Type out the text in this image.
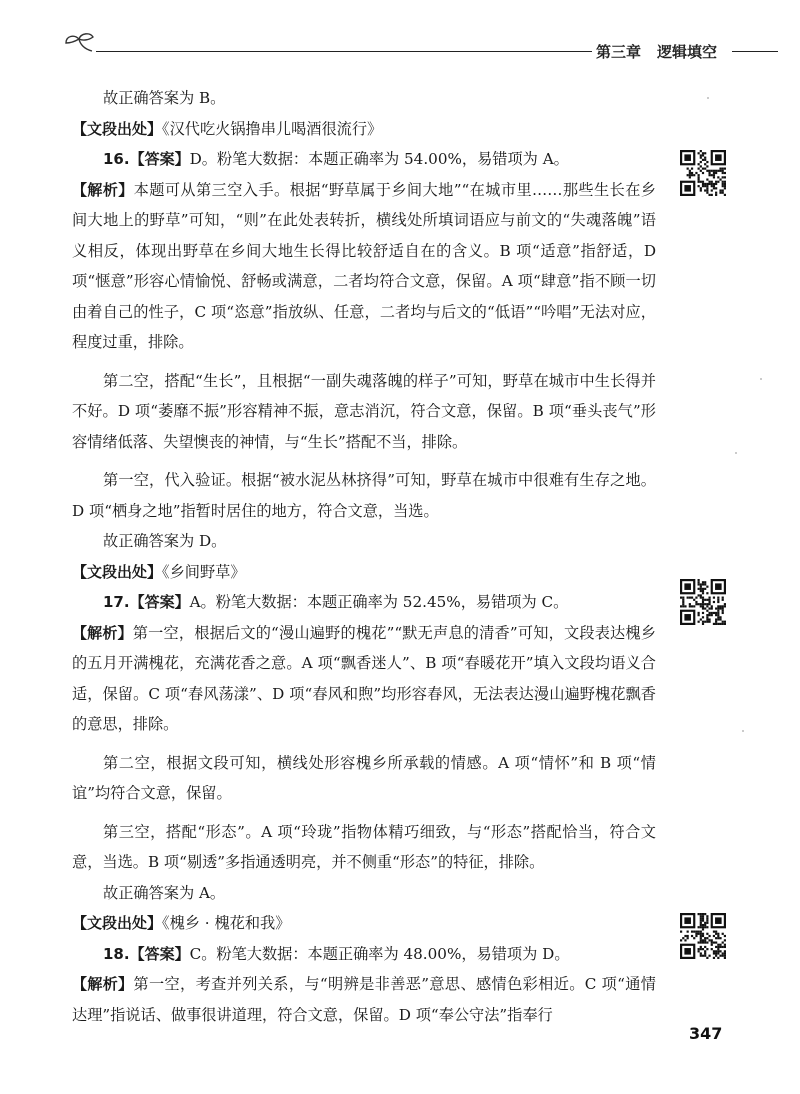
第三章 逻辑填空

故正确答案为 B。

【文段出处】《汉代吃火锅撸串儿喝酒很流行》

16.【答案】D。粉笔大数据：本题正确率为 54.00%，易错项为 A。

【解析】本题可从第三空入手。根据“野草属于乡间大地”“在城市里……那些生长在乡间大地上的野草”可知，“则”在此处表转折，横线处所填词语应与前文的“失魂落魄”语义相反，体现出野草在乡间大地生长得比较舒适自在的含义。B 项“适意”指舒适，D 项“惬意”形容心情愉悦、舒畅或满意，二者均符合文意，保留。A 项“肆意”指不顾一切由着自己的性子，C 项“恣意”指放纵、任意，二者均与后文的“低语”“吟唱”无法对应，程度过重，排除。

第二空，搭配“生长”，且根据“一副失魂落魄的样子”可知，野草在城市中生长得并不好。D 项“萎靡不振”形容精神不振，意志消沉，符合文意，保留。B 项“垂头丧气”形容情绪低落、失望懊丧的神情，与“生长”搭配不当，排除。

第一空，代入验证。根据“被水泥丛林挤得”可知，野草在城市中很难有生存之地。D 项“栖身之地”指暂时居住的地方，符合文意，当选。

故正确答案为 D。

【文段出处】《乡间野草》

17.【答案】A。粉笔大数据：本题正确率为 52.45%，易错项为 C。

【解析】第一空，根据后文的“漫山遍野的槐花”“默无声息的清香”可知，文段表达槐乡的五月开满槐花，充满花香之意。A 项“飘香迷人”、B 项“春暖花开”填入文段均语义合适，保留。C 项“春风荡漾”、D 项“春风和煦”均形容春风，无法表达漫山遍野槐花飘香的意思，排除。

第二空，根据文段可知，横线处形容槐乡所承载的情感。A 项“情怀”和 B 项“情谊”均符合文意，保留。

第三空，搭配“形态”。A 项“玲珑”指物体精巧细致，与“形态”搭配恰当，符合文意，当选。B 项“剔透”多指通透明亮，并不侧重“形态”的特征，排除。

故正确答案为 A。

【文段出处】《槐乡 · 槐花和我》

18.【答案】C。粉笔大数据：本题正确率为 48.00%，易错项为 D。

【解析】第一空，考查并列关系，与“明辨是非善恶”意思、感情色彩相近。C 项“通情达理”指说话、做事很讲道理，符合文意，保留。D 项“奉公守法”指奉行

347
